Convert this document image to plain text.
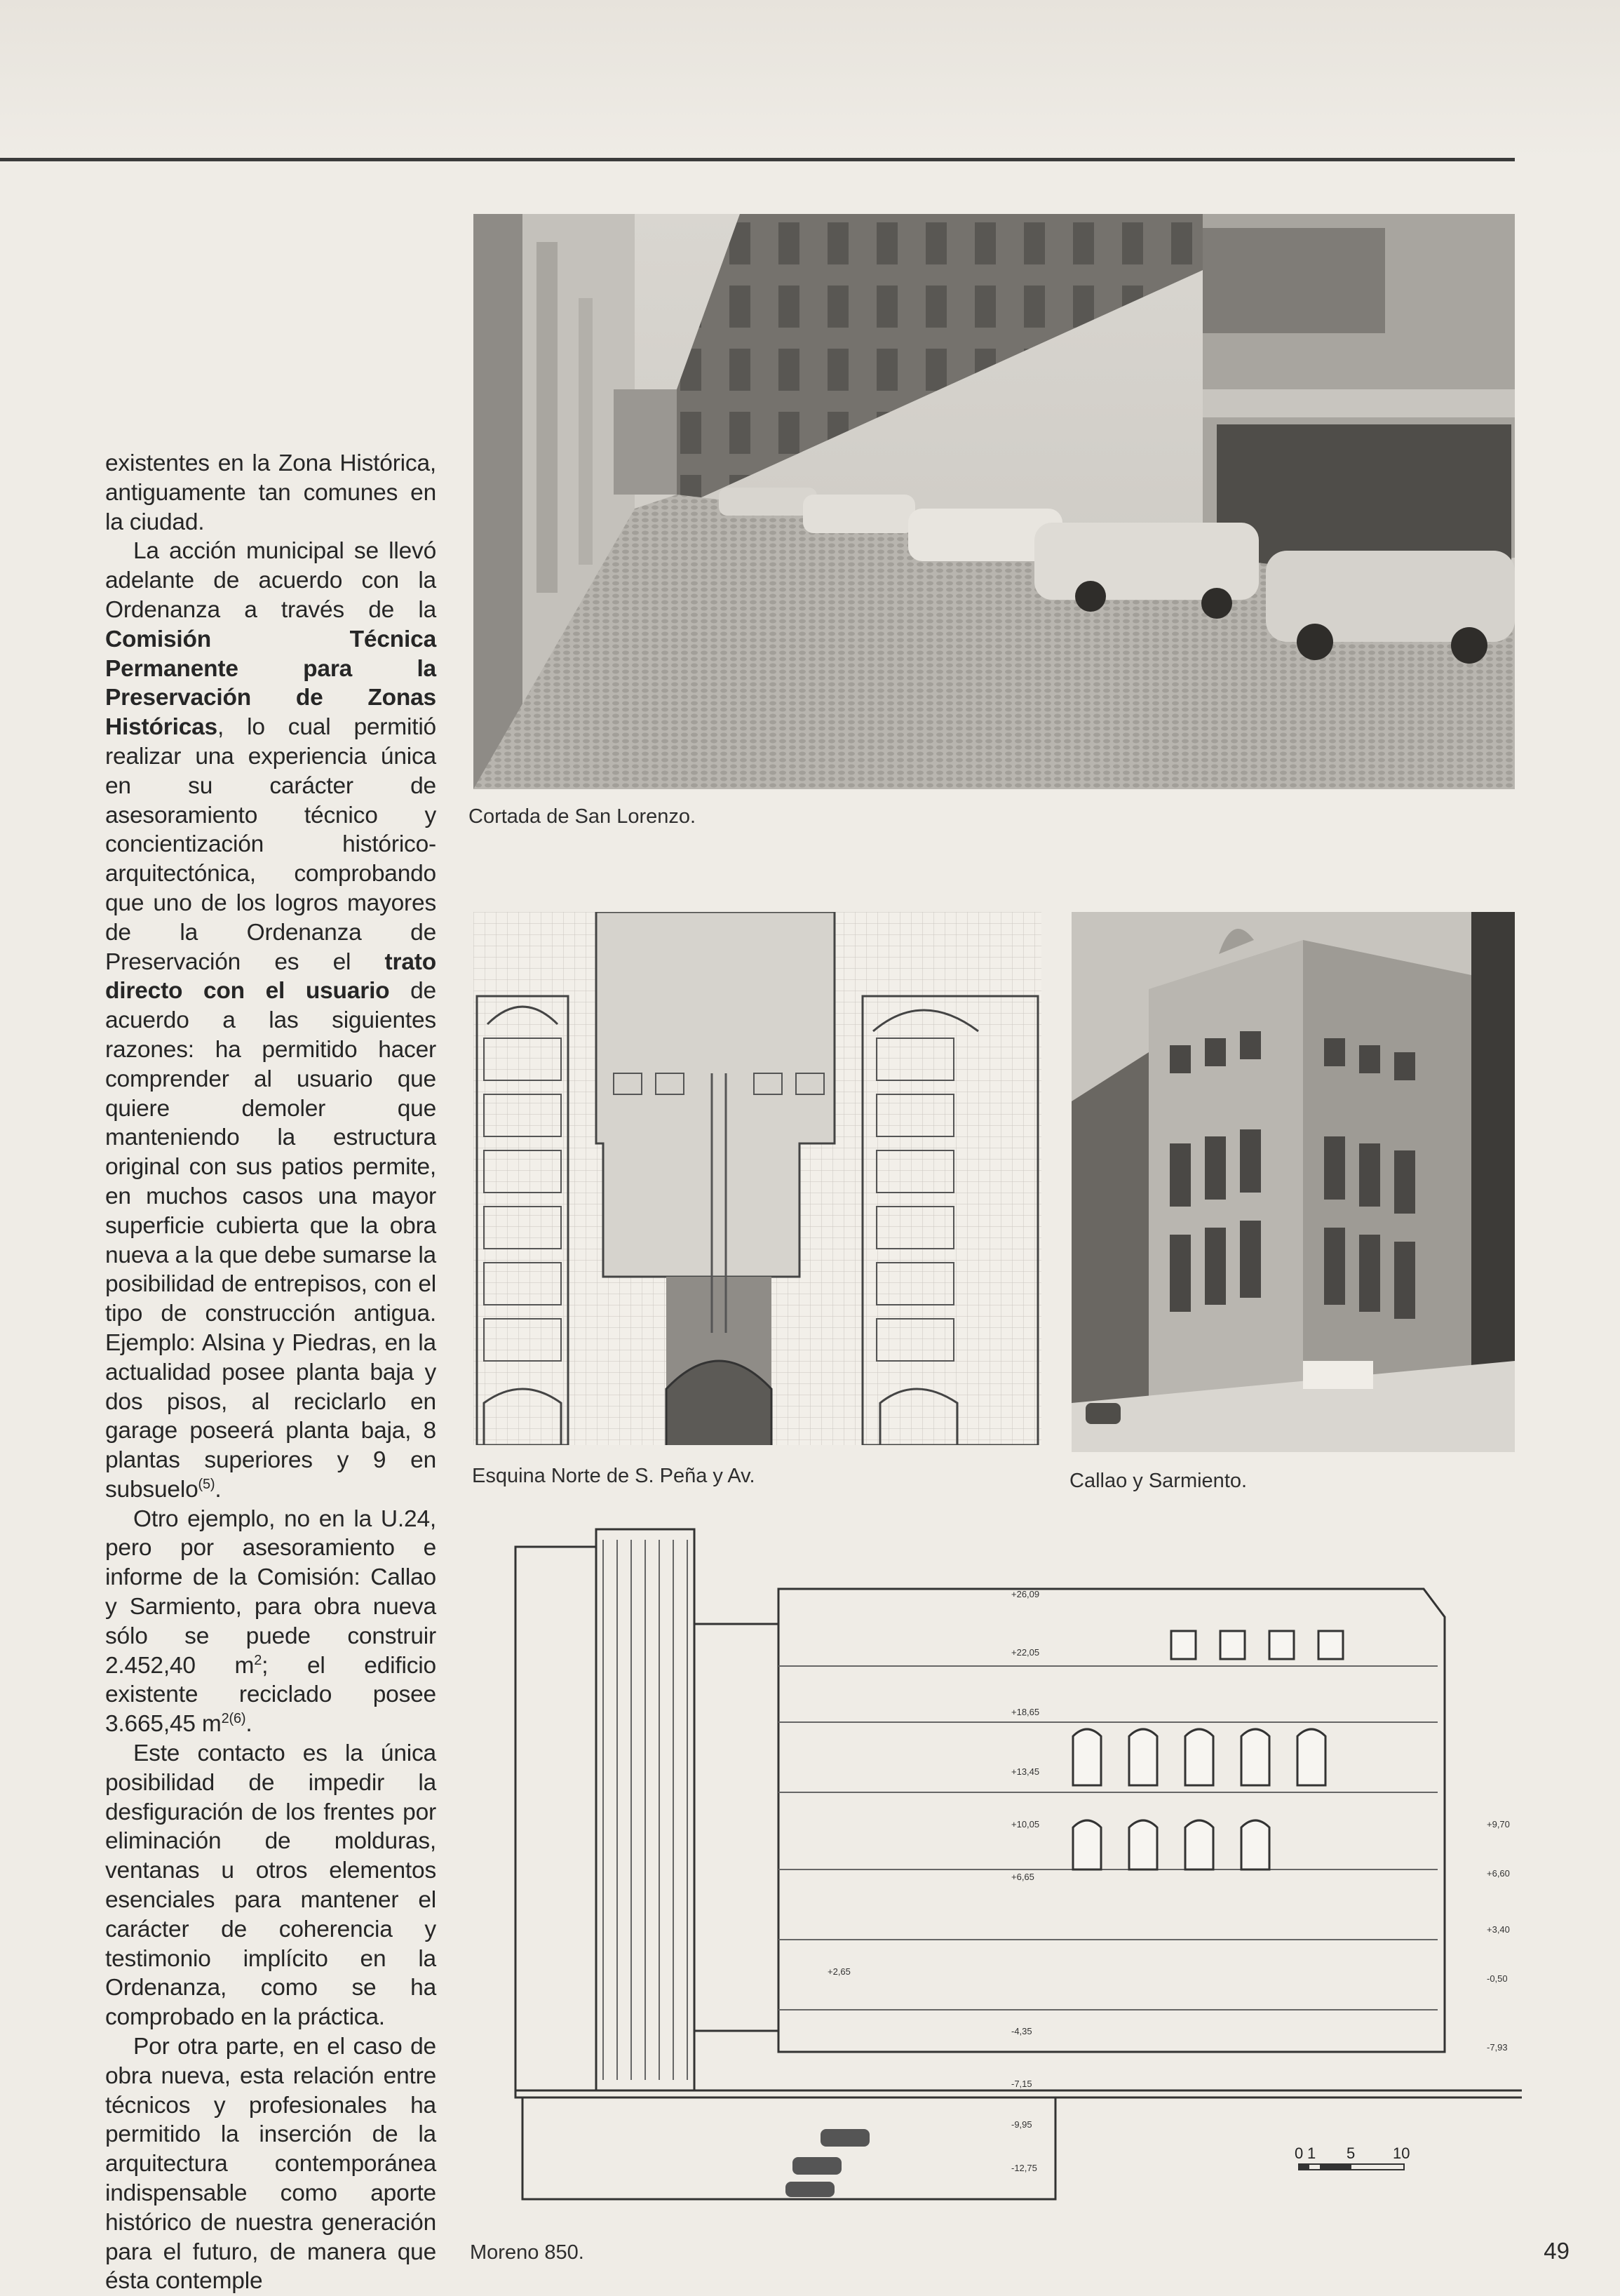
existentes en la Zona Histórica, antiguamente tan comunes en la ciudad.

La acción municipal se llevó adelante de acuerdo con la Ordenanza a través de la Comisión Técnica Permanente para la Preservación de Zonas Históricas, lo cual permitió realizar una experiencia única en su carácter de asesoramiento técnico y concientización histórico-arquitectónica, comprobando que uno de los logros mayores de la Ordenanza de Preservación es el trato directo con el usuario de acuerdo a las siguientes razones: ha permitido hacer comprender al usuario que quiere demoler que manteniendo la estructura original con sus patios permite, en muchos casos una mayor superficie cubierta que la obra nueva a la que debe sumarse la posibilidad de entrepisos, con el tipo de construcción antigua. Ejemplo: Alsina y Piedras, en la actualidad posee planta baja y dos pisos, al reciclarlo en garage poseerá planta baja, 8 plantas superiores y 9 en subsuelo$^{(5)}$.

Otro ejemplo, no en la U.24, pero por asesoramiento e informe de la Comisión: Callao y Sarmiento, para obra nueva sólo se puede construir 2.452,40 $m^2$; el edificio existente reciclado posee 3.665,45 $m^{2(6)}$.

Este contacto es la única posibilidad de impedir la desfiguración de los frentes por eliminación de molduras, ventanas u otros elementos esenciales para mantener el carácter de coherencia y testimonio implícito en la Ordenanza, como se ha comprobado en la práctica.

Por otra parte, en el caso de obra nueva, esta relación entre técnicos y profesionales ha permitido la inserción de la arquitectura contemporánea indispensable como aporte histórico de nuestra generación para el futuro, de manera que ésta contemple

Cortada de San Lorenzo.
Esquina Norte de S. Peña y Av.	Callao y Sarmiento.
+26,09
+22,05
+18,65
+13,45
+10,05
+6,65
+2,65
-4,35
-7,15
-9,95
-12,75
+9,70
+6,60
+3,40
-0,50
-7,93
0 1 5 10
Moreno 850.	49
